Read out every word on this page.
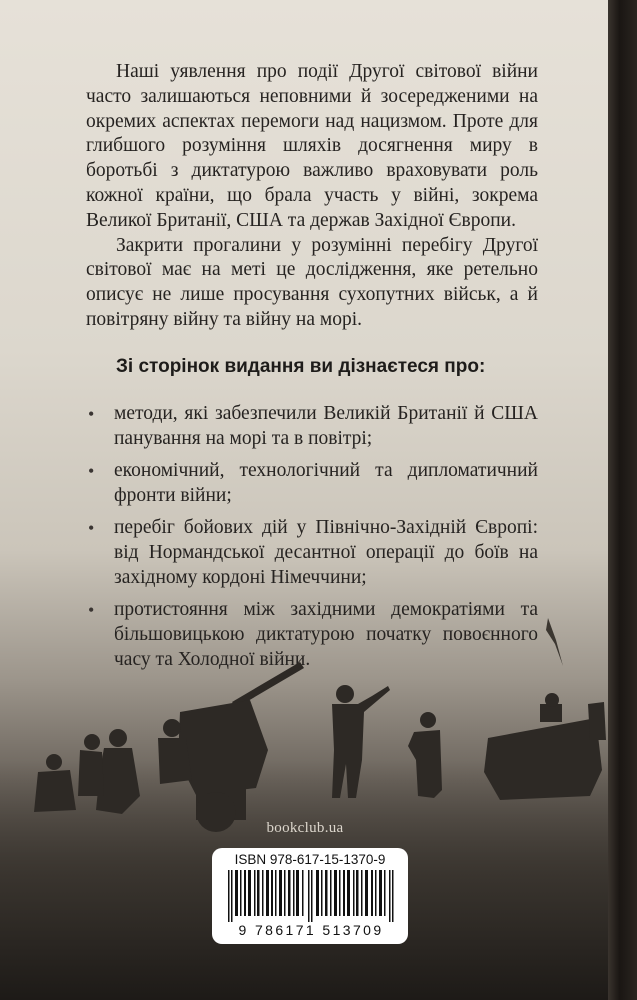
Наші уявлення про події Другої світової війни часто залишаються неповними й зосередженими на окремих аспектах перемоги над нацизмом. Проте для глибшого розуміння шляхів досягнення миру в боротьбі з диктатурою важливо враховувати роль кожної країни, що брала участь у війні, зокрема Великої Британії, США та держав Західної Європи.

Закрити прогалини у розумінні перебігу Другої світової має на меті це дослідження, яке ретельно описує не лише просування сухопутних військ, а й повітряну війну та війну на морі.

Зі сторінок видання ви дізнаєтеся про:
• методи, які забезпечили Великій Британії й США панування на морі та в повітрі;
• економічний, технологічний та дипломатичний фронти війни;
• перебіг бойових дій у Північно-Західній Європі: від Нормандської десантної операції до боїв на західному кордоні Німеччини;
• протистояння між західними демократіями та більшовицькою диктатурою початку повоєнного часу та Холодної війни.
bookclub.ua
ISBN 978-617-15-1370-9
9 786171 513709
